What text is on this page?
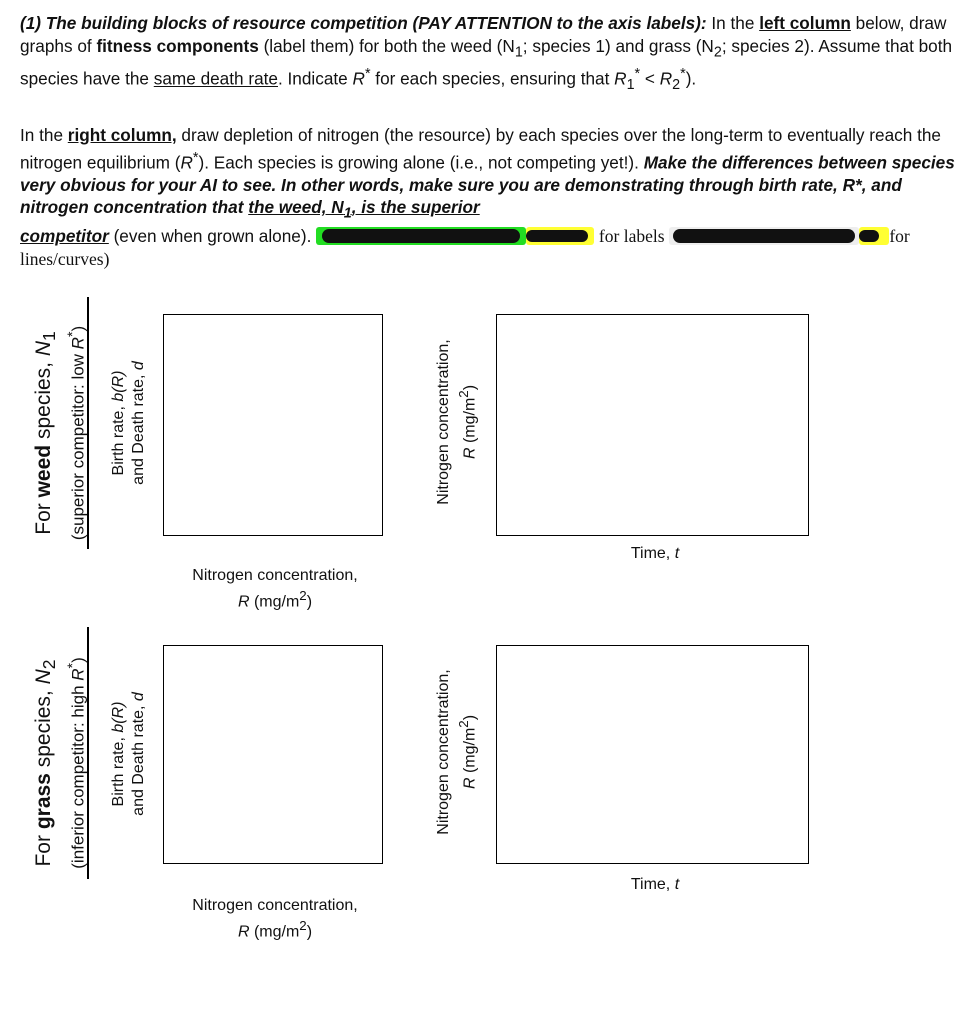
(1) The building blocks of resource competition (PAY ATTENTION to the axis labels): In the left column below, draw graphs of fitness components (label them) for both the weed ($N_1$; species 1) and grass ($N_2$; species 2). Assume that both species have the same death rate. Indicate R* for each species, ensuring that $R_1^* < R_2^*$).
In the right column, draw depletion of nitrogen (the resource) by each species over the long-term to eventually reach the nitrogen equilibrium (R*). Each species is growing alone (i.e., not competing yet!). Make the differences between species very obvious for your AI to see. In other words, make sure you are demonstrating through birth rate, R*, and nitrogen concentration that the weed, $N_1$, is the superior
competitor (even when grown alone).	for labels	for
lines/curves)
For weed species, $N_1$
(superior competitor: low R*)
Birth rate, b(R) and Death rate, d
Nitrogen concentration,
R $(mg/m^2)$
Nitrogen concentration, R $(mg/m^2)$
Time, t
For grass species, $N_2$
(inferior competitor: high R*)
Birth rate, b(R) and Death rate, d
Nitrogen concentration,
R $(mg/m^2)$
Nitrogen concentration, R $(mg/m^2)$
Time, t
